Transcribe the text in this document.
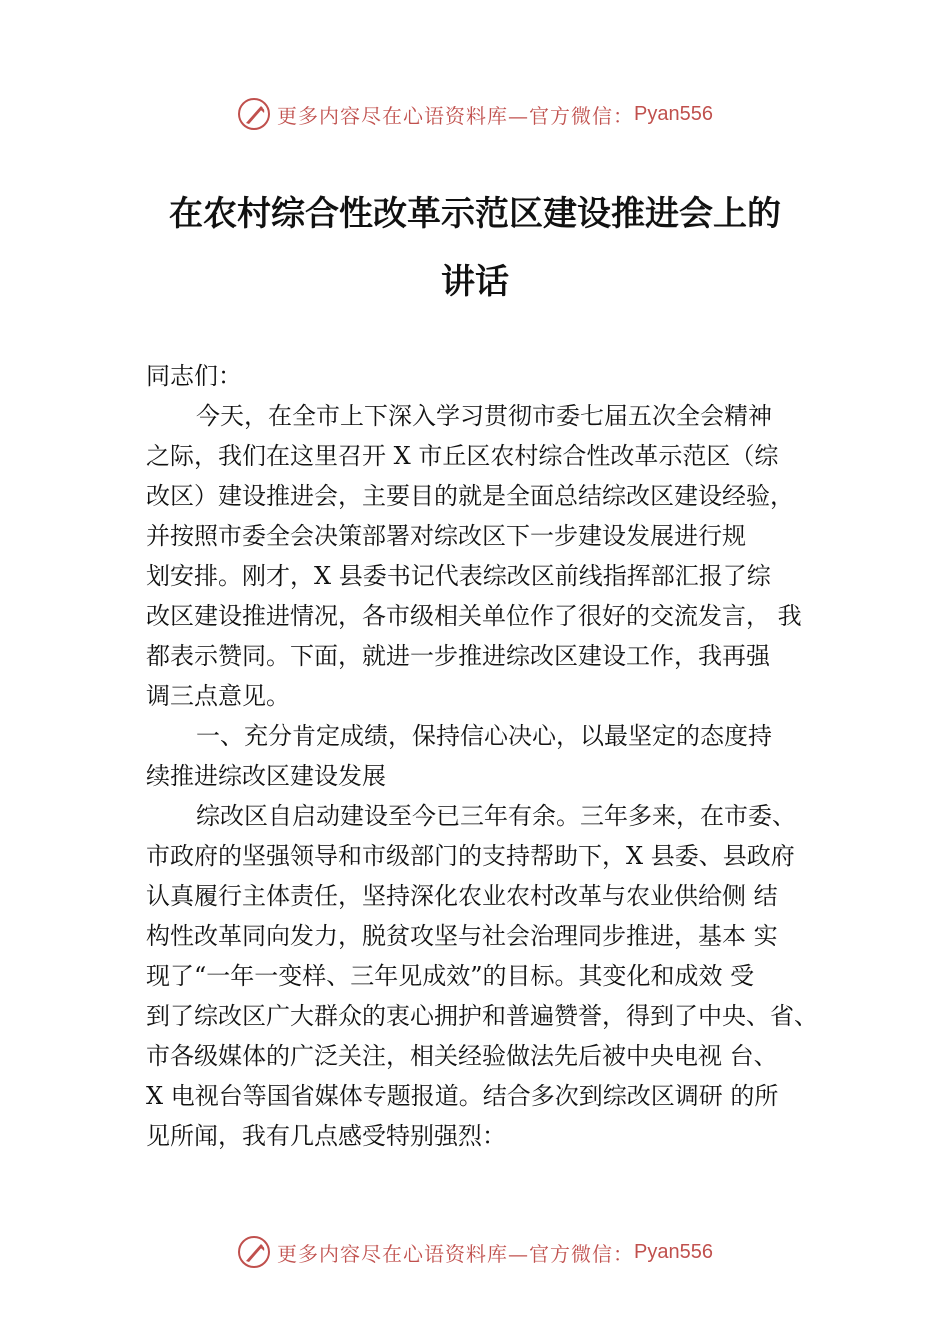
更多内容尽在心语资料库—官方微信： Pyan556
在农村综合性改革示范区建设推进会上的
讲话
同志们：
今天，在全市上下深入学习贯彻市委七届五次全会精神
之际，我们在这里召开 X 市丘区农村综合性改革示范区（综
改区）建设推进会，主要目的就是全面总结综改区建设经验，
并按照市委全会决策部署对综改区下一步建设发展进行规
划安排。刚才，X 县委书记代表综改区前线指挥部汇报了综
改区建设推进情况，各市级相关单位作了很好的交流发言， 我
都表示赞同。下面，就进一步推进综改区建设工作，我再强
调三点意见。
一、充分肯定成绩，保持信心决心，以最坚定的态度持
续推进综改区建设发展
综改区自启动建设至今已三年有余。三年多来，在市委、
市政府的坚强领导和市级部门的支持帮助下，X 县委、县政府
认真履行主体责任，坚持深化农业农村改革与农业供给侧 结
构性改革同向发力，脱贫攻坚与社会治理同步推进，基本 实
现了“一年一变样、三年见成效”的目标。其变化和成效 受
到了综改区广大群众的衷心拥护和普遍赞誉，得到了中央、省、
市各级媒体的广泛关注，相关经验做法先后被中央电视 台、
X 电视台等国省媒体专题报道。结合多次到综改区调研 的所
见所闻，我有几点感受特别强烈：
更多内容尽在心语资料库—官方微信： Pyan556
